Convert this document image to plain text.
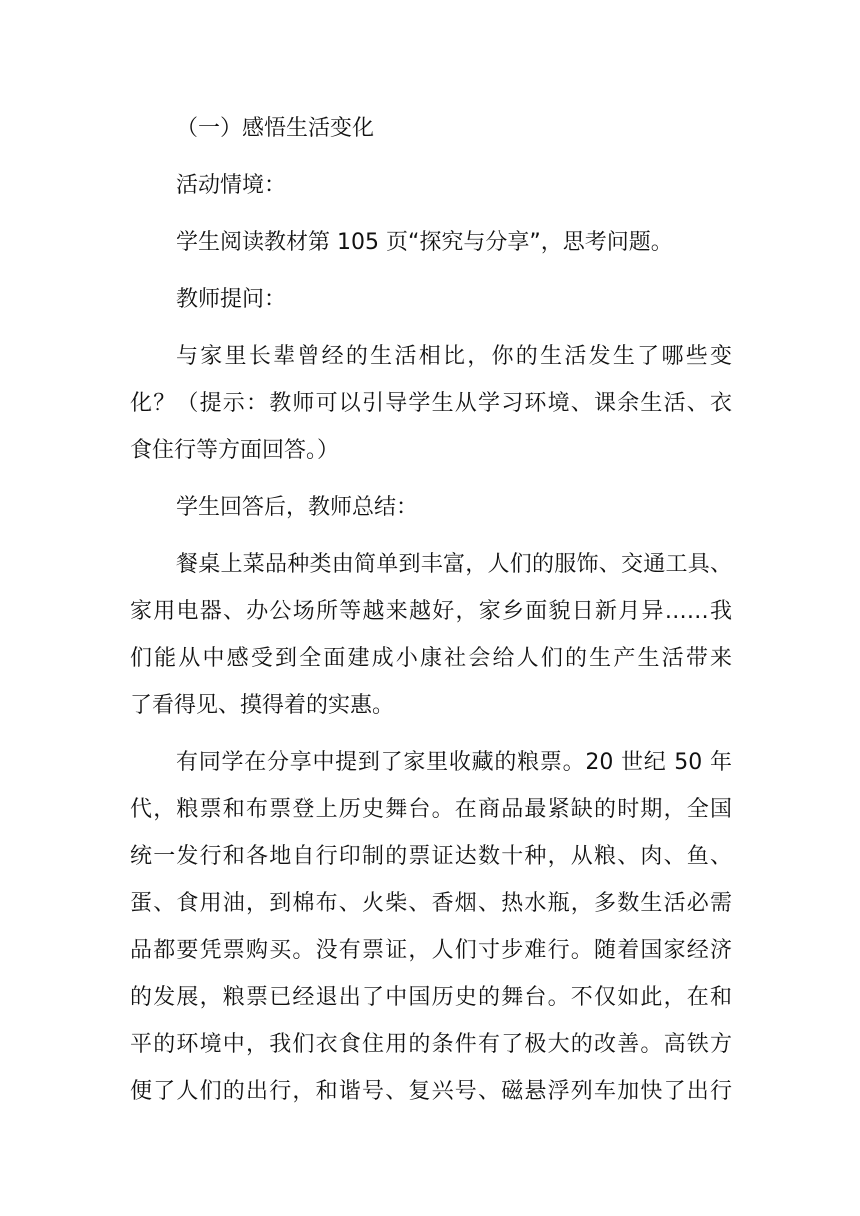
（一）感悟生活变化

活动情境：

学生阅读教材第 105 页“探究与分享”，思考问题。

教师提问：

与家里长辈曾经的生活相比，你的生活发生了哪些变

化？（提示：教师可以引导学生从学习环境、课余生活、衣

食住行等方面回答。）

学生回答后，教师总结：

餐桌上菜品种类由简单到丰富，人们的服饰、交通工具、

家用电器、办公场所等越来越好，家乡面貌日新月异……我

们能从中感受到全面建成小康社会给人们的生产生活带来

了看得见、摸得着的实惠。

有同学在分享中提到了家里收藏的粮票。20 世纪 50 年

代，粮票和布票登上历史舞台。在商品最紧缺的时期，全国

统一发行和各地自行印制的票证达数十种，从粮、肉、鱼、

蛋、食用油，到棉布、火柴、香烟、热水瓶，多数生活必需

品都要凭票购买。没有票证，人们寸步难行。随着国家经济

的发展，粮票已经退出了中国历史的舞台。不仅如此，在和

平的环境中，我们衣食住用的条件有了极大的改善。高铁方

便了人们的出行，和谐号、复兴号、磁悬浮列车加快了出行
